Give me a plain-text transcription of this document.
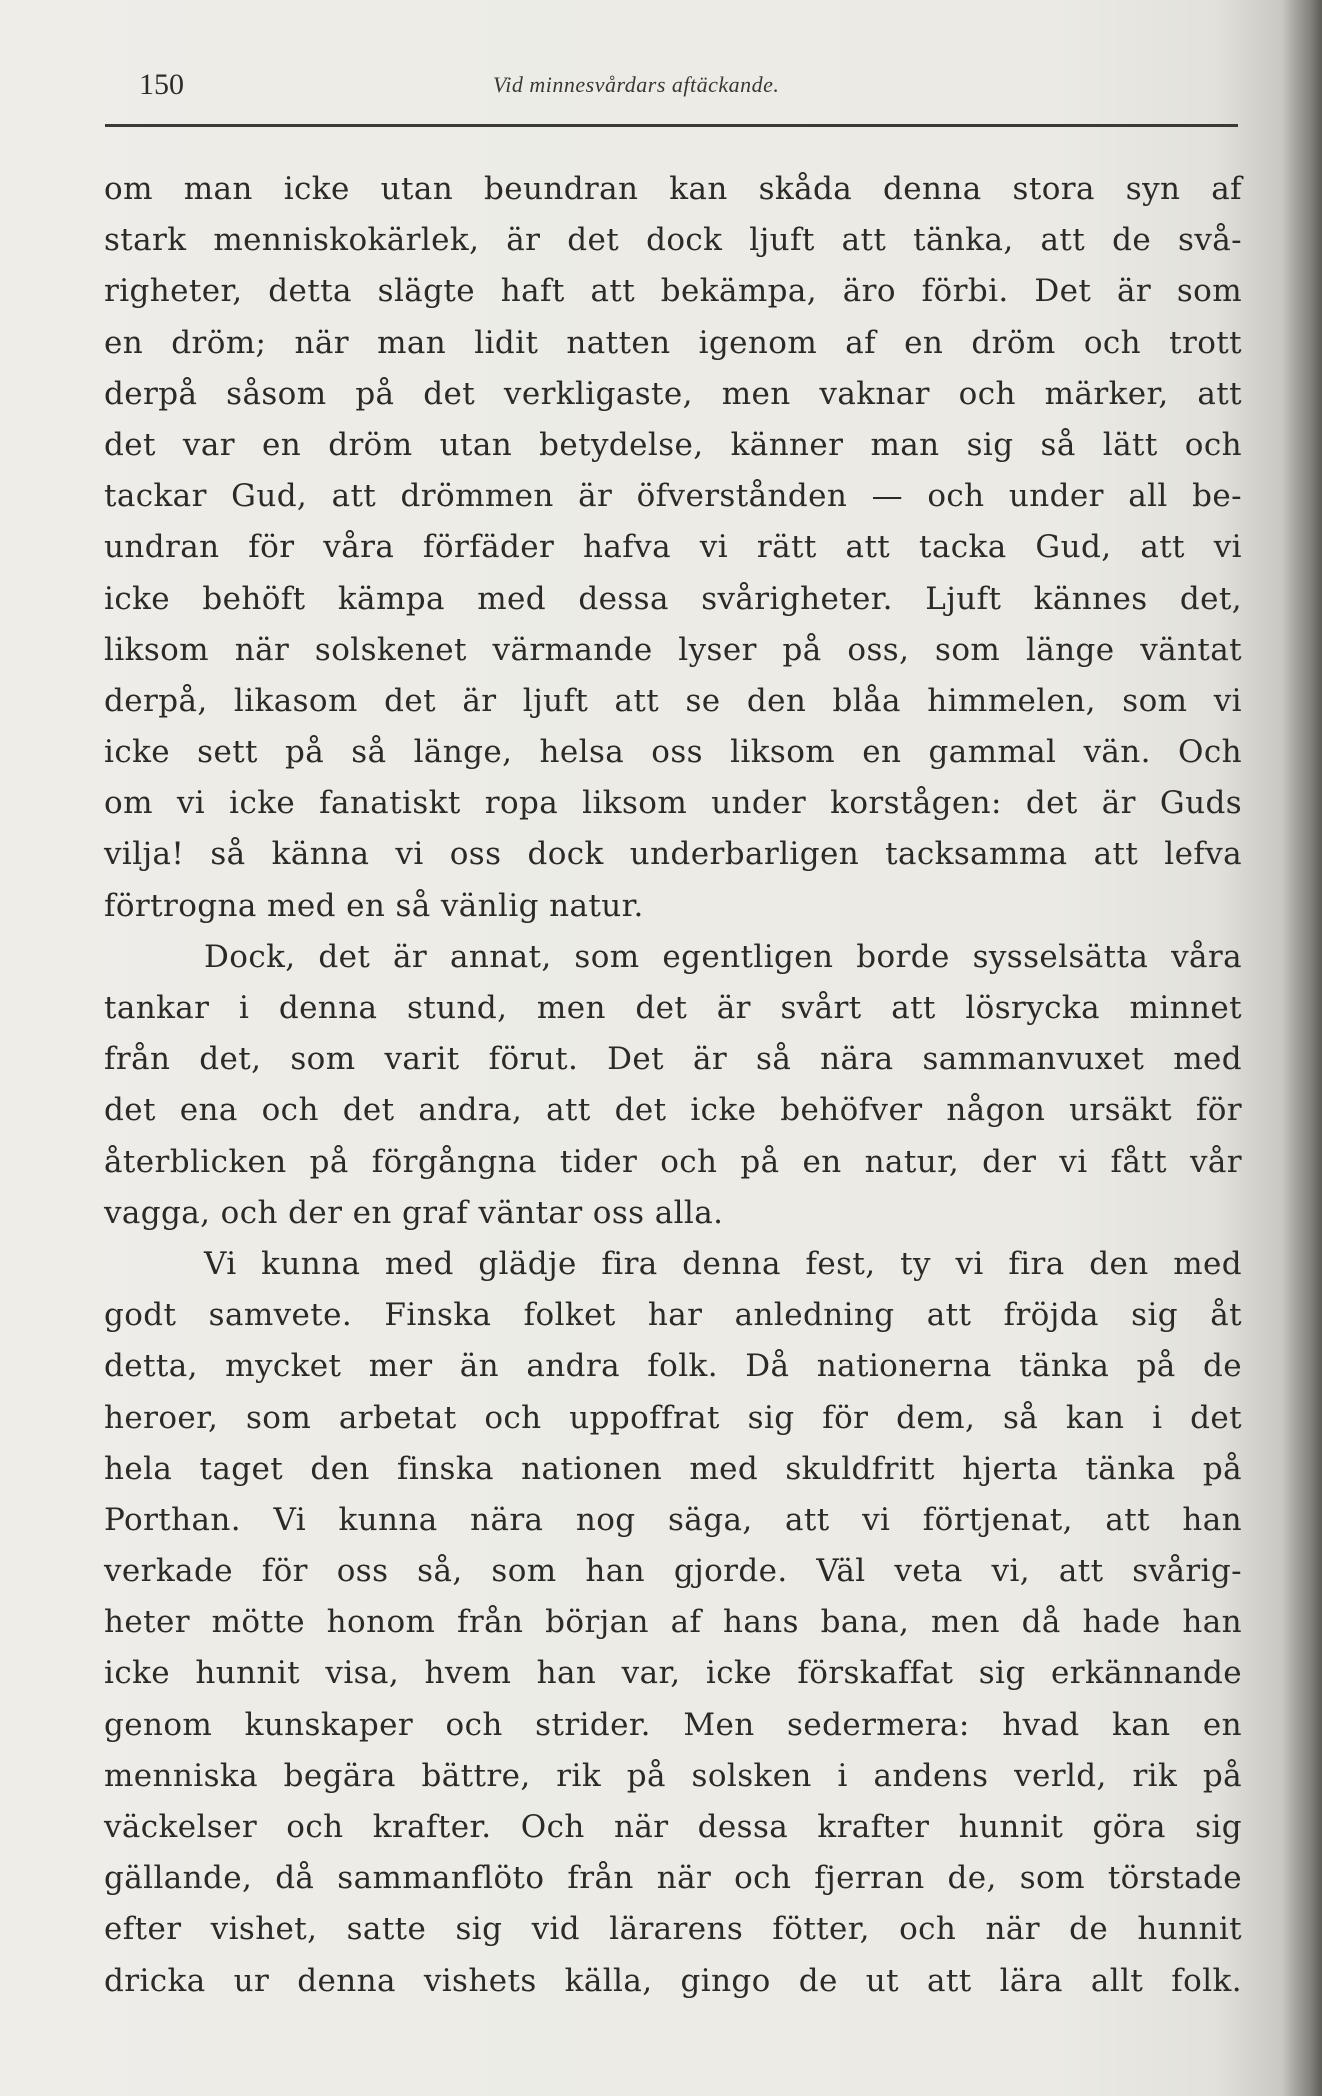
150	Vid minnesvårdars aftäckande.
om man icke utan beundran kan skåda denna stora syn af
stark menniskokärlek, är det dock ljuft att tänka, att de svå-
righeter, detta slägte haft att bekämpa, äro förbi. Det är som
en dröm; när man lidit natten igenom af en dröm och trott
derpå såsom på det verkligaste, men vaknar och märker, att
det var en dröm utan betydelse, känner man sig så lätt och
tackar Gud, att drömmen är öfverstånden — och under all be-
undran för våra förfäder hafva vi rätt att tacka Gud, att vi
icke behöft kämpa med dessa svårigheter. Ljuft kännes det,
liksom när solskenet värmande lyser på oss, som länge väntat
derpå, likasom det är ljuft att se den blåa himmelen, som vi
icke sett på så länge, helsa oss liksom en gammal vän. Och
om vi icke fanatiskt ropa liksom under korstågen: det är Guds
vilja! så känna vi oss dock underbarligen tacksamma att lefva
förtrogna med en så vänlig natur.
Dock, det är annat, som egentligen borde sysselsätta våra
tankar i denna stund, men det är svårt att lösrycka minnet
från det, som varit förut. Det är så nära sammanvuxet med
det ena och det andra, att det icke behöfver någon ursäkt för
återblicken på förgångna tider och på en natur, der vi fått vår
vagga, och der en graf väntar oss alla.
Vi kunna med glädje fira denna fest, ty vi fira den med
godt samvete. Finska folket har anledning att fröjda sig åt
detta, mycket mer än andra folk. Då nationerna tänka på de
heroer, som arbetat och uppoffrat sig för dem, så kan i det
hela taget den finska nationen med skuldfritt hjerta tänka på
Porthan. Vi kunna nära nog säga, att vi förtjenat, att han
verkade för oss så, som han gjorde. Väl veta vi, att svårig-
heter mötte honom från början af hans bana, men då hade han
icke hunnit visa, hvem han var, icke förskaffat sig erkännande
genom kunskaper och strider. Men sedermera: hvad kan en
menniska begära bättre, rik på solsken i andens verld, rik på
väckelser och krafter. Och när dessa krafter hunnit göra sig
gällande, då sammanflöto från när och fjerran de, som törstade
efter vishet, satte sig vid lärarens fötter, och när de hunnit
dricka ur denna vishets källa, gingo de ut att lära allt folk.
